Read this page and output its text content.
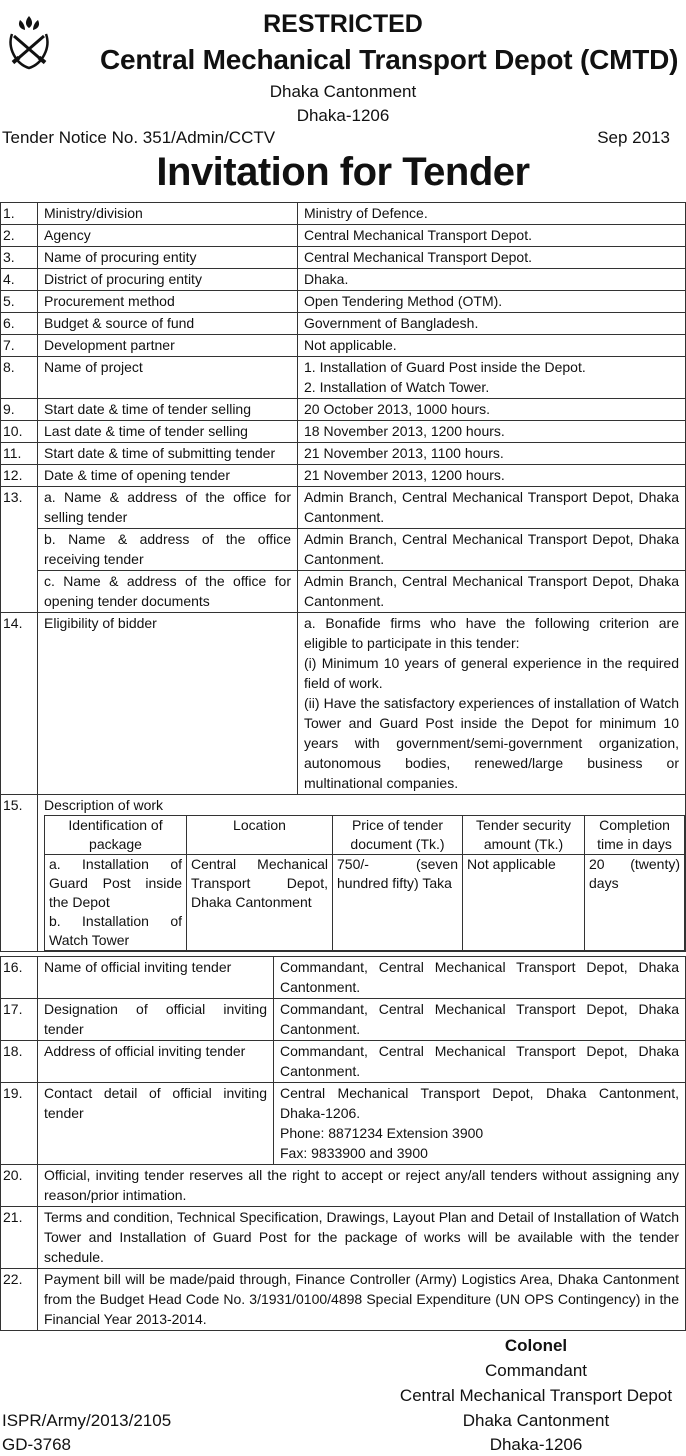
RESTRICTED
Central Mechanical Transport Depot (CMTD)
Dhaka Cantonment
Dhaka-1206
Tender Notice No. 351/Admin/CCTV	Sep 2013
Invitation for Tender
1.	Ministry/division	Ministry of Defence.
2.	Agency	Central Mechanical Transport Depot.
3.	Name of procuring entity	Central Mechanical Transport Depot.
4.	District of procuring entity	Dhaka.
5.	Procurement method	Open Tendering Method (OTM).
6.	Budget & source of fund	Government of Bangladesh.
7.	Development partner	Not applicable.
8.	Name of project	1. Installation of Guard Post inside the Depot.
2. Installation of Watch Tower.

9.	Start date & time of tender selling	20 October 2013, 1000 hours.
10.	Last date & time of tender selling	18 November 2013, 1200 hours.
11.	Start date & time of submitting tender	21 November 2013, 1100 hours.
12.	Date & time of opening tender	21 November 2013, 1200 hours.
13.	a. Name & address of the office for selling tender	Admin Branch, Central Mechanical Transport Depot, Dhaka Cantonment.
b. Name & address of the office receiving tender	Admin Branch, Central Mechanical Transport Depot, Dhaka Cantonment.
c. Name & address of the office for opening tender documents	Admin Branch, Central Mechanical Transport Depot, Dhaka Cantonment.
14.	Eligibility of bidder	a. Bonafide firms who have the following criterion are eligible to participate in this tender:
(i) Minimum 10 years of general experience in the required field of work.
(ii) Have the satisfactory experiences of installation of Watch Tower and Guard Post inside the Depot for minimum 10 years with government/semi-government organization, autonomous bodies, renewed/large business or multinational companies.

15.	Description of work
Identification of package	Location	Price of tender document (Tk.)	Tender security amount (Tk.)	Completion time in days
a. Installation of Guard Post inside the Depot
b. Installation of Watch Tower	Central Mechanical Transport Depot, Dhaka Cantonment	750/- (seven hundred fifty) Taka	Not applicable	20 (twenty) days
16.	Name of official inviting tender	Commandant, Central Mechanical Transport Depot, Dhaka Cantonment.
17.	Designation of official inviting tender	Commandant, Central Mechanical Transport Depot, Dhaka Cantonment.
18.	Address of official inviting tender	Commandant, Central Mechanical Transport Depot, Dhaka Cantonment.
19.	Contact detail of official inviting tender	Central Mechanical Transport Depot, Dhaka Cantonment, Dhaka-1206.
Phone: 8871234 Extension 3900
Fax: 9833900 and 3900

20.	Official, inviting tender reserves all the right to accept or reject any/all tenders without assigning any reason/prior intimation.	
21.	Terms and condition, Technical Specification, Drawings, Layout Plan and Detail of Installation of Watch Tower and Installation of Guard Post for the package of works will be available with the tender schedule.	
22.	Payment bill will be made/paid through, Finance Controller (Army) Logistics Area, Dhaka Cantonment from the Budget Head Code No. 3/1931/0100/4898 Special Expenditure (UN OPS Contingency) in the Financial Year 2013-2014.	
Colonel
Commandant
Central Mechanical Transport Depot
Dhaka Cantonment
Dhaka-1206
ISPR/Army/2013/2105
GD-3768
